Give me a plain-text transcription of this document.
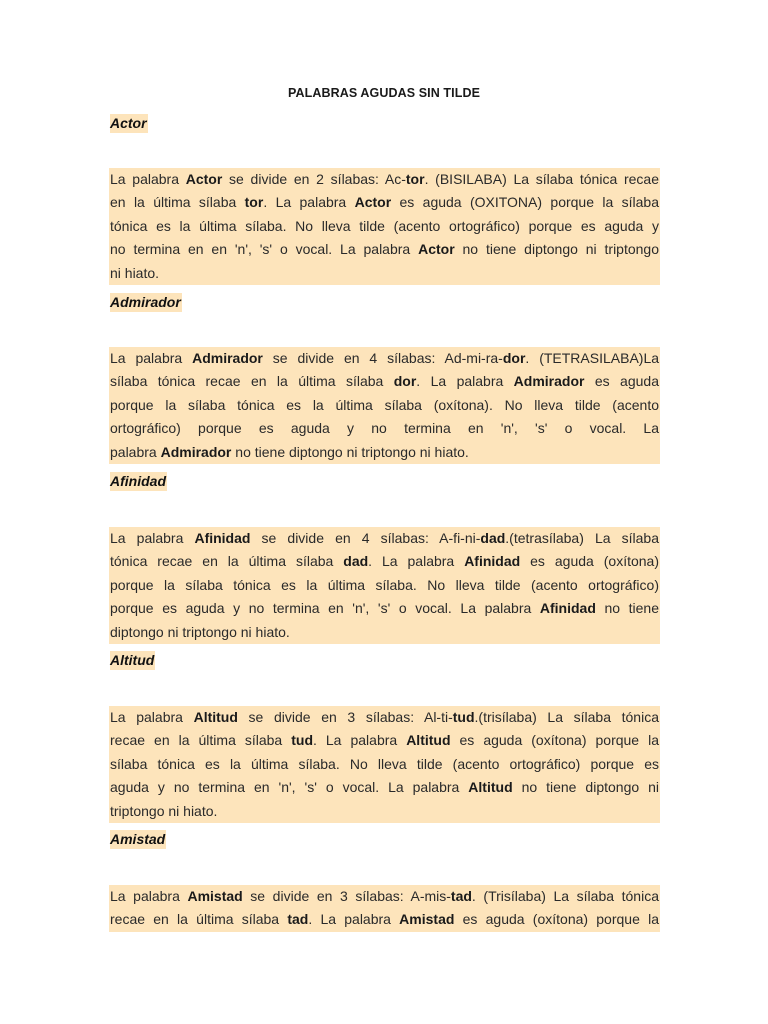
PALABRAS AGUDAS SIN TILDE
Actor
La palabra Actor se divide en 2 sílabas: Ac-tor. (BISILABA) La sílaba tónica recae
en la última sílaba tor. La palabra Actor es aguda (OXITONA) porque la sílaba
tónica es la última sílaba. No lleva tilde (acento ortográfico) porque es aguda y
no termina en en 'n', 's' o vocal. La palabra Actor no tiene diptongo ni triptongo
ni hiato.
Admirador
La palabra Admirador se divide en 4 sílabas: Ad-mi-ra-dor. (TETRASILABA)La
sílaba tónica recae en la última sílaba dor. La palabra Admirador es aguda
porque la sílaba tónica es la última sílaba (oxítona). No lleva tilde (acento
ortográfico) porque es aguda y no termina en 'n', 's' o vocal. La
palabra Admirador no tiene diptongo ni triptongo ni hiato.
Afinidad
La palabra Afinidad se divide en 4 sílabas: A-fi-ni-dad.(tetrasílaba) La sílaba
tónica recae en la última sílaba dad. La palabra Afinidad es aguda (oxítona)
porque la sílaba tónica es la última sílaba. No lleva tilde (acento ortográfico)
porque es aguda y no termina en 'n', 's' o vocal. La palabra Afinidad no tiene
diptongo ni triptongo ni hiato.
Altitud
La palabra Altitud se divide en 3 sílabas: Al-ti-tud.(trisílaba) La sílaba tónica
recae en la última sílaba tud. La palabra Altitud es aguda (oxítona) porque la
sílaba tónica es la última sílaba. No lleva tilde (acento ortográfico) porque es
aguda y no termina en 'n', 's' o vocal. La palabra Altitud no tiene diptongo ni
triptongo ni hiato.
Amistad
La palabra Amistad se divide en 3 sílabas: A-mis-tad. (Trisílaba) La sílaba tónica
recae en la última sílaba tad. La palabra Amistad es aguda (oxítona) porque la
